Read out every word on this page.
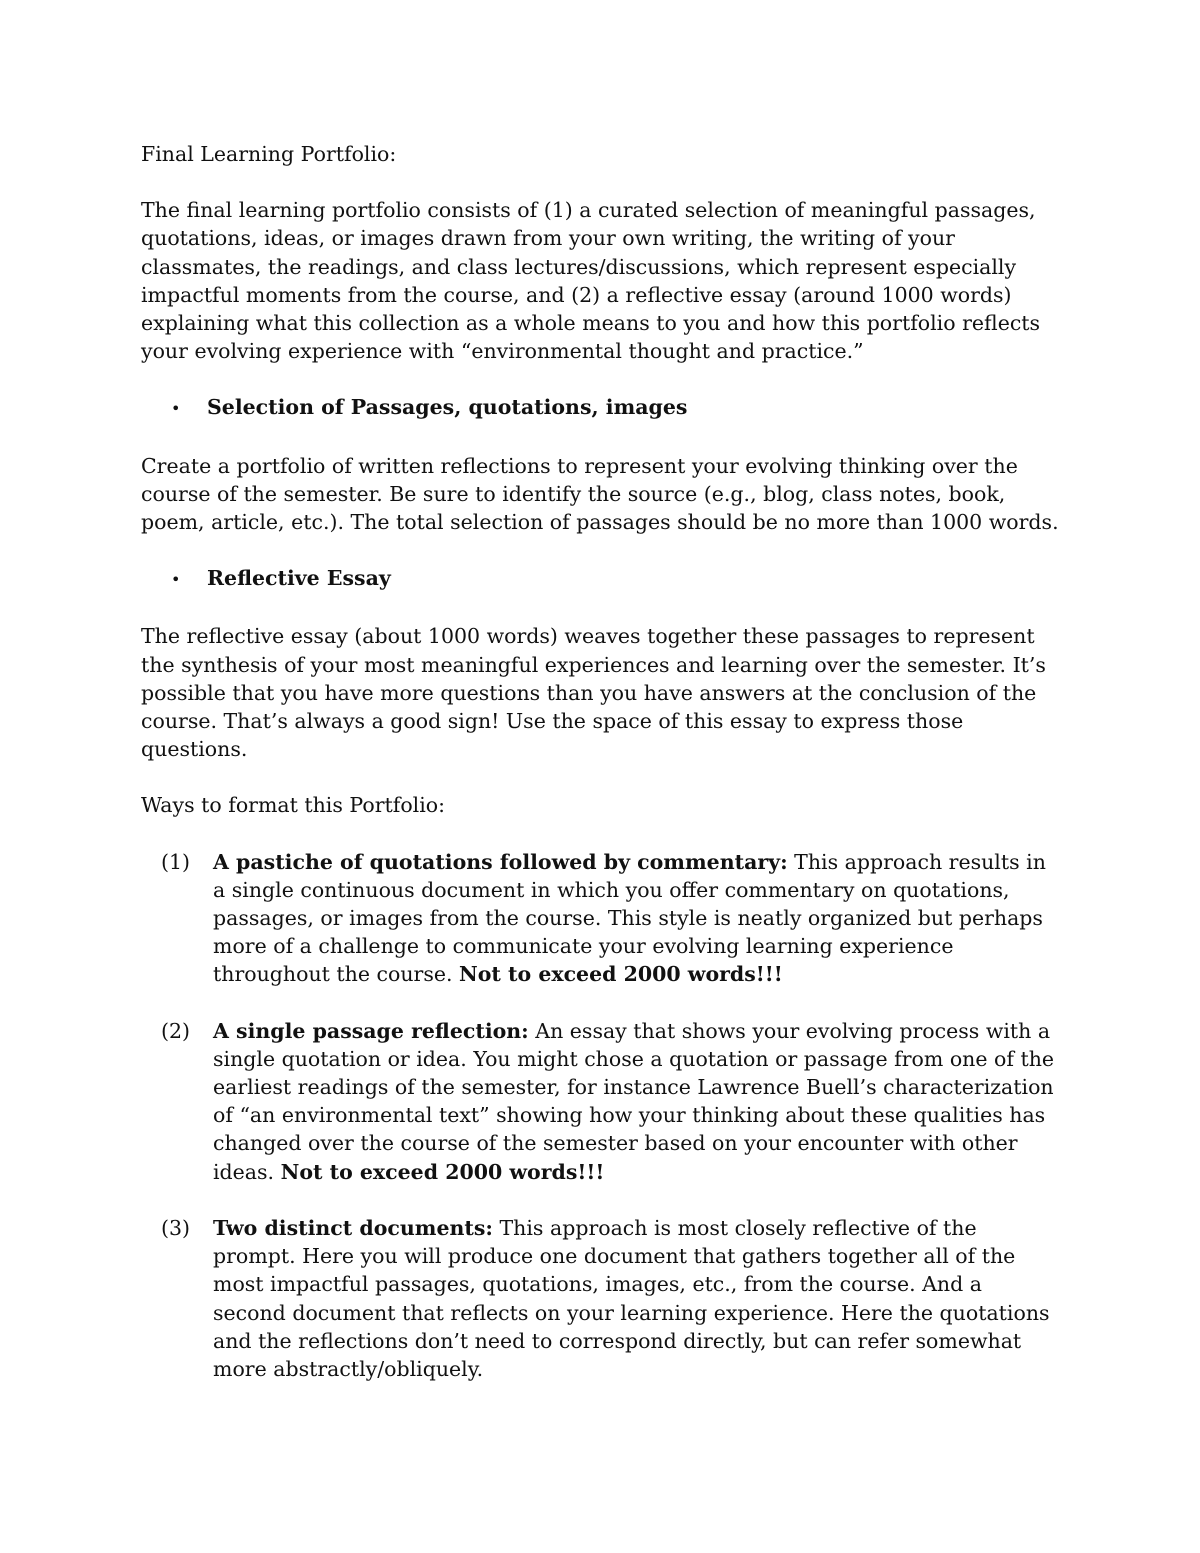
Final Learning Portfolio:

The final learning portfolio consists of (1) a curated selection of meaningful passages, quotations, ideas, or images drawn from your own writing, the writing of your classmates, the readings, and class lectures/discussions, which represent especially impactful moments from the course, and (2) a reflective essay (around 1000 words) explaining what this collection as a whole means to you and how this portfolio reflects your evolving experience with “environmental thought and practice.”

•	Selection of Passages, quotations, images

Create a portfolio of written reflections to represent your evolving thinking over the course of the semester. Be sure to identify the source (e.g., blog, class notes, book, poem, article, etc.). The total selection of passages should be no more than 1000 words.

•	Reflective Essay

The reflective essay (about 1000 words) weaves together these passages to represent the synthesis of your most meaningful experiences and learning over the semester. It’s possible that you have more questions than you have answers at the conclusion of the course. That’s always a good sign! Use the space of this essay to express those questions.

Ways to format this Portfolio:

(1)	A pastiche of quotations followed by commentary: This approach results in a single continuous document in which you offer commentary on quotations, passages, or images from the course. This style is neatly organized but perhaps more of a challenge to communicate your evolving learning experience throughout the course. Not to exceed 2000 words!!!

(2)	A single passage reflection: An essay that shows your evolving process with a single quotation or idea. You might chose a quotation or passage from one of the earliest readings of the semester, for instance Lawrence Buell’s characterization of “an environmental text” showing how your thinking about these qualities has changed over the course of the semester based on your encounter with other ideas. Not to exceed 2000 words!!!

(3)	Two distinct documents: This approach is most closely reflective of the prompt. Here you will produce one document that gathers together all of the most impactful passages, quotations, images, etc., from the course. And a second document that reflects on your learning experience. Here the quotations and the reflections don’t need to correspond directly, but can refer somewhat more abstractly/obliquely.
